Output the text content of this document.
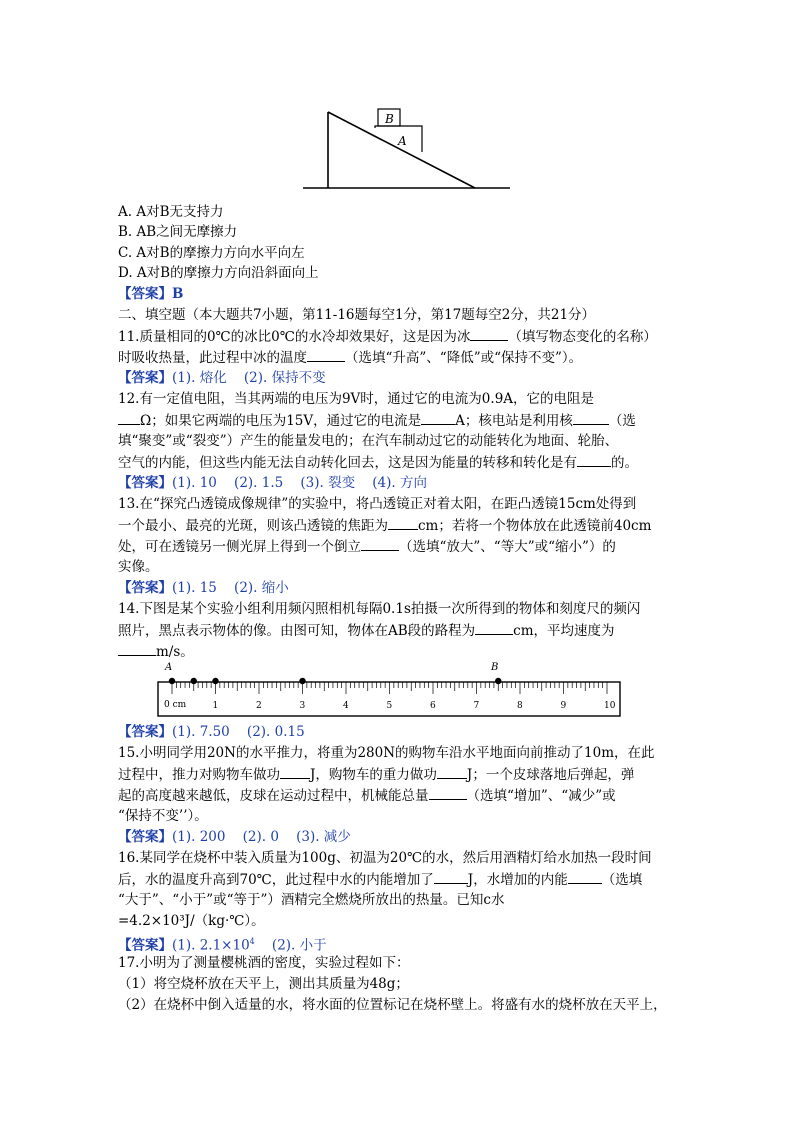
B
A
A. A对B无支持力
B. AB之间无摩擦力
C. A对B的摩擦力方向水平向左
D. A对B的摩擦力方向沿斜面向上
【答案】B
二、填空题（本大题共7小题，第11-16题每空1分，第17题每空2分，共21分）
11.质量相同的0℃的冰比0℃的水冷却效果好，这是因为冰	（填写物态变化的名称）
时吸收热量，此过程中冰的温度	（选填“升高”、“降低”或“保持不变”）。
【答案】(1). 熔化    (2). 保持不变
12.有一定值电阻，当其两端的电压为9V时，通过它的电流为0.9A，它的电阻是
Ω；如果它两端的电压为15V，通过它的电流是	A；核电站是利用核	（选
填“聚变”或“裂变”）产生的能量发电的；在汽车制动过它的动能转化为地面、轮胎、
空气的内能，但这些内能无法自动转化回去，这是因为能量的转移和转化是有	的。
【答案】(1). 10    (2). 1.5    (3). 裂变    (4). 方向
13.在“探究凸透镜成像规律”的实验中，将凸透镜正对着太阳，在距凸透镜15cm处得到
一个最小、最亮的光斑，则该凸透镜的焦距为 cm；若将一个物体放在此透镜前40cm
处，可在透镜另一侧光屏上得到一个倒立	（选填“放大”、“等大”或“缩小”）的
实像。
【答案】(1). 15    (2). 缩小
14.下图是某个实验小组利用频闪照相机每隔0.1s拍摄一次所得到的物体和刻度尺的频闪
照片，黑点表示物体的像。由图可知，物体在AB段的路程为	cm，平均速度为
m/s。
1	2	3	4	5	6	7	8	9	10
0 cm
A	B
【答案】(1). 7.50    (2). 0.15
15.小明同学用20N的水平推力，将重为280N的购物车沿水平地面向前推动了10m，在此
过程中，推力对购物车做功 J，购物车的重力做功 J；一个皮球落地后弹起，弹
起的高度越来越低，皮球在运动过程中，机械能总量	（选填“增加”、“减少”或
“保持不变’’）。
【答案】(1). 200    (2). 0    (3). 减少
16.某同学在烧杯中装入质量为100g、初温为20℃的水，然后用酒精灯给水加热一段时间
后，水的温度升高到70℃，此过程中水的内能增加了	J，水增加的内能	（选填
“大于”、“小于”或“等于”）酒精完全燃烧所放出的热量。已知c水
=4.2×10³J/（kg·℃）。
【答案】(1). $2.1\times 10^4$    (2). 小于
17.小明为了测量樱桃酒的密度，实验过程如下：
（1）将空烧杯放在天平上，测出其质量为48g；
（2）在烧杯中倒入适量的水，将水面的位置标记在烧杯壁上。将盛有水的烧杯放在天平上，
